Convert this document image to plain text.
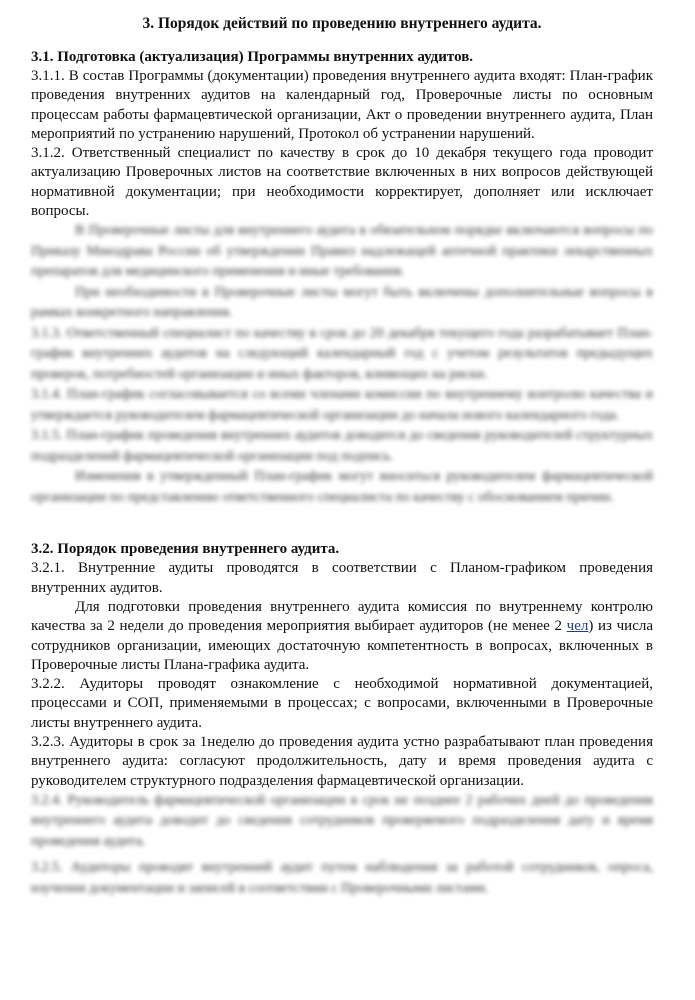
3. Порядок действий по проведению внутреннего аудита.
3.1. Подготовка (актуализация) Программы внутренних аудитов.

3.1.1. В состав Программы (документации) проведения внутреннего аудита входят: План-график проведения внутренних аудитов на календарный год, Проверочные листы по основным процессам работы фармацевтической организации, Акт о проведении внутреннего аудита, План мероприятий по устранению нарушений, Протокол об устранении нарушений.

3.1.2. Ответственный специалист по качеству в срок до 10 декабря текущего года проводит актуализацию Проверочных листов на соответствие включенных в них вопросов действующей нормативной документации; при необходимости корректирует, дополняет или исключает вопросы.

В Проверочные листы для внутреннего аудита в обязательном порядке включаются вопросы по Приказу Минздрава России об утверждении Правил надлежащей аптечной практики лекарственных препаратов для медицинского применения и иные требования.

При необходимости в Проверочные листы могут быть включены дополнительные вопросы в рамках конкретного направления.

3.1.3. Ответственный специалист по качеству в срок до 20 декабря текущего года разрабатывает План-график внутренних аудитов на следующий календарный год с учетом результатов предыдущих проверок, потребностей организации и иных факторов, влияющих на риски.

3.1.4. План-график согласовывается со всеми членами комиссии по внутреннему контролю качества и утверждается руководителем фармацевтической организации до начала нового календарного года.

3.1.5. План-график проведения внутренних аудитов доводится до сведения руководителей структурных подразделений фармацевтической организации под подпись.

Изменения в утвержденный План-график могут вноситься руководителем фармацевтической организации по представлению ответственного специалиста по качеству с обоснованием причин.

3.2. Порядок проведения внутреннего аудита.

3.2.1. Внутренние аудиты проводятся в соответствии с Планом-графиком проведения внутренних аудитов.

Для подготовки проведения внутреннего аудита комиссия по внутреннему контролю качества за 2 недели до проведения мероприятия выбирает аудиторов (не менее 2 чел) из числа сотрудников организации, имеющих достаточную компетентность в вопросах, включенных в Проверочные листы Плана-графика аудита.

3.2.2. Аудиторы проводят ознакомление с необходимой нормативной документацией, процессами и СОП, применяемыми в процессах; с вопросами, включенными в Проверочные листы внутреннего аудита.

3.2.3. Аудиторы в срок за 1неделю до проведения аудита устно разрабатывают план проведения внутреннего аудита: согласуют продолжительность, дату и время проведения аудита с руководителем структурного подразделения фармацевтической организации.

3.2.4. Руководитель фармацевтической организации в срок не позднее 2 рабочих дней до проведения внутреннего аудита доводит до сведения сотрудников проверяемого подразделения дату и время проведения аудита.

3.2.5. Аудиторы проводят внутренний аудит путем наблюдения за работой сотрудников, опроса, изучения документации и записей в соответствии с Проверочными листами.
